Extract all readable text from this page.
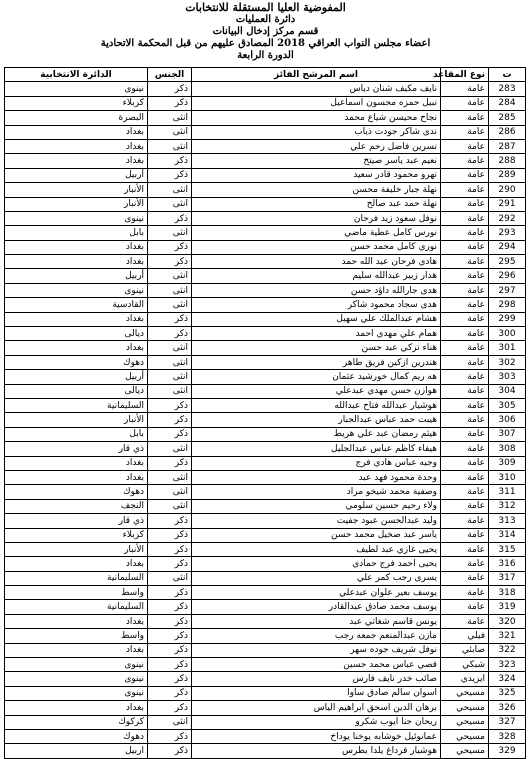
المفوضية العليا المستقلة للانتخابات
دائرة العمليات
قسم مركز إدخال البيانات
اعضاء مجلس النواب العراقي 2018 المصادق عليهم من قبل المحكمة الاتحادية
الدورة الرابعة
ت	نوع المقاعد	اسم المرشح الفائز	الجنس	الدائرة الانتخابية
283	عامة	نايف مكيف شنان دياس	ذكر	نينوى
284	عامة	نبيل حمزه محسون اسماعيل	ذكر	كربلاء
285	عامة	نجاح محيسن شياع محمد	انثى	البصرة
286	عامة	ندى شاكر جودت ذياب	انثى	بغداد
287	عامة	نسرين فاضل رحم علي	انثى	بغداد
288	عامة	نعيم عبد ياسر صيتخ	ذكر	بغداد
289	عامة	نهرو محمود قادر سعيد	ذكر	أربيل
290	عامة	نهلة جبار خليفة محسن	انثى	الأنبار
291	عامة	نهلة حمد عبد صالح	انثى	الأنبار
292	عامة	نوفل سعود زيد فرحان	ذكر	نينوى
293	عامة	نورس كامل عطية ماضي	انثى	بابل
294	عامة	نوري كامل محمد حسن	ذكر	بغداد
295	عامة	هادي فرحان عبد الله حمد	ذكر	بغداد
296	عامة	هدار زبير عبدالله سليم	انثى	أربيل
297	عامة	هدى جارالله داؤد حسن	انثى	نينوى
298	عامة	هدى سجاد محمود شاكر	انثى	القادسية
299	عامة	هشام عبدالملك علي سهيل	ذكر	بغداد
300	عامة	همام علي مهدي احمد	ذكر	ديالى
301	عامة	هناء تركي عبد حسن	انثى	بغداد
302	عامة	هندرين ازكين فريق طاهر	انثى	دهوك
303	عامة	هه ريم كمال خورشيد عثمان	انثى	أربيل
304	عامة	هوازن حسن مهدي عبدعلي	انثى	ديالى
305	عامة	هوشيار عبدالله فتاح عبدالله	ذكر	السليمانية
306	عامة	هيبت حمد عباس عبدالجبار	ذكر	الأنبار
307	عامة	هيثم رمضان عبد علي هريط	ذكر	بابل
308	عامة	هيفاء كاظم عباس عبدالجليل	انثى	ذي قار
309	عامة	وجيه عباس هادي فرج	ذكر	بغداد
310	عامة	وحدة محمود فهد عبد	انثى	بغداد
311	عامة	وصفية محمد شيخو مراد	انثى	دهوك
312	عامة	ولاء رحيم حسين سلومي	انثى	النجف
313	عامة	وليد عبدالحسن عبود جفيت	ذكر	ذي قار
314	عامة	ياسر عبد صخيل محمد حسن	ذكر	كربلاء
315	عامة	يحيى غازي عبد لطيف	ذكر	الأنبار
316	عامة	يحيى احمد فرج حمادي	ذكر	بغداد
317	عامة	يسرى رجب كمر علي	انثى	السليمانية
318	عامة	يوسف بعير علوان عبدعلي	ذكر	واسط
319	عامة	يوسف محمد صادق عبدالقادر	ذكر	السليمانية
320	عامة	يونس قاسم شغاتي عبد	ذكر	بغداد
321	فيلي	مازن عبدالمنعم جمعه رجب	ذكر	واسط
322	صابئي	نوفل شريف جوده سهر	ذكر	بغداد
323	شبكي	قصي عباس محمد حسين	ذكر	نينوى
324	ايزيدي	صائب خدر نايف فارس	ذكر	نينوى
325	مسيحي	اسوان سالم صادق ساوا	ذكر	نينوى
326	مسيحي	برهان الدين اسحق ابراهيم الياس	ذكر	بغداد
327	مسيحي	ريحان حنا ايوب شكرو	انثى	كركوك
328	مسيحي	عمانوئيل خوشابه يوخنا يوداخ	ذكر	دهوك
329	مسيحي	هوشيار قرداغ يلدا بطرس	ذكر	اربيل
